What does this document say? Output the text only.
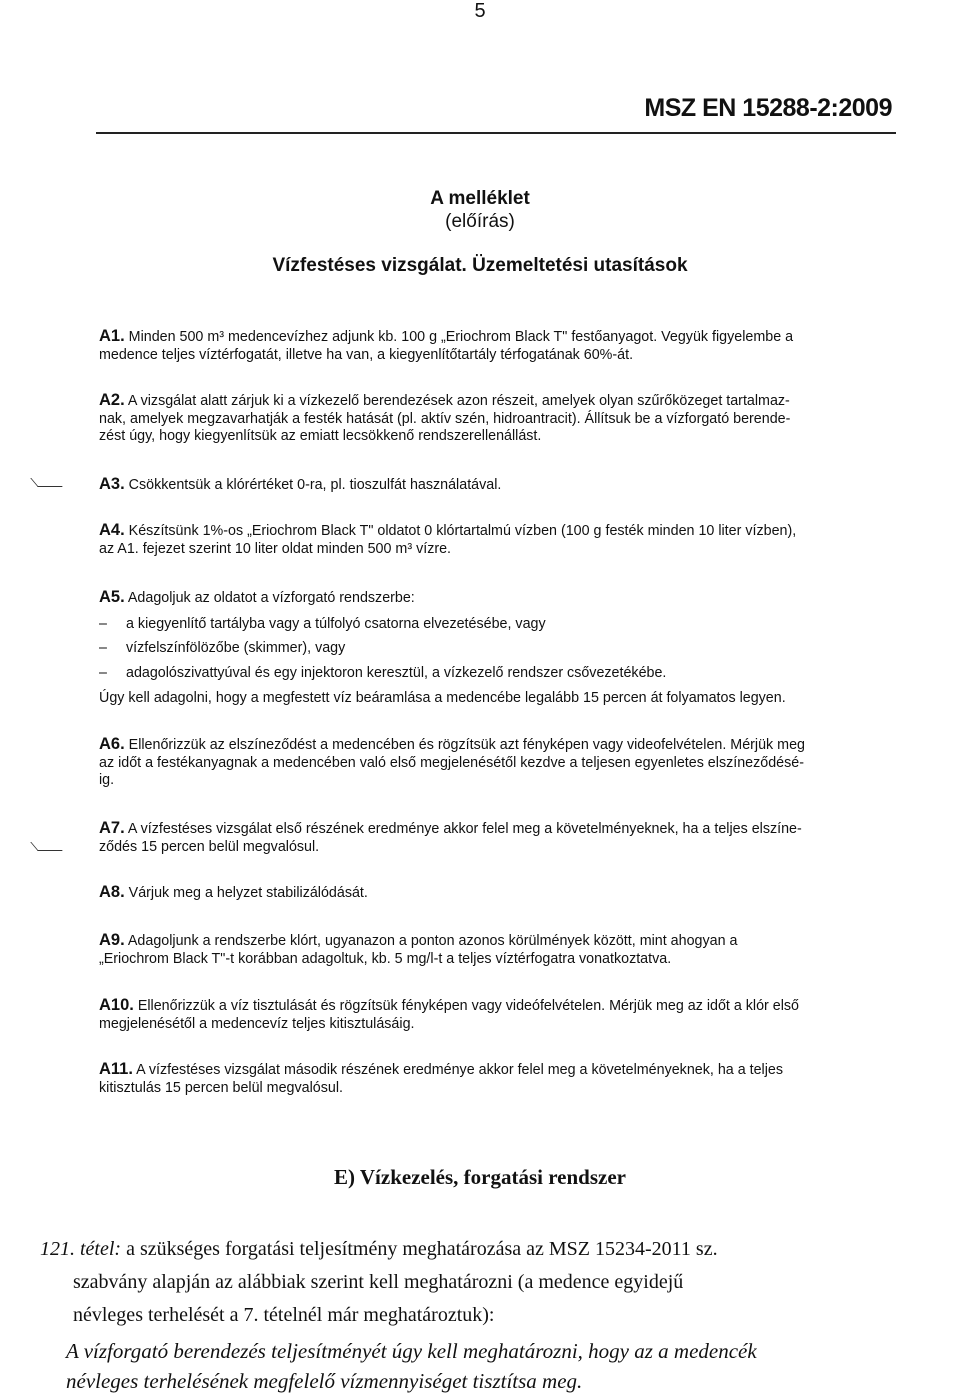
5
MSZ EN 15288-2:2009
A melléklet
(előírás)
Vízfestéses vizsgálat. Üzemeltetési utasítások
A1. Minden 500 m³ medencevízhez adjunk kb. 100 g „Eriochrom Black T" festőanyagot. Vegyük figyelembe a
medence teljes víztérfogatát, illetve ha van, a kiegyenlítőtartály térfogatának 60%-át.
A2. A vizsgálat alatt zárjuk ki a vízkezelő berendezések azon részeit, amelyek olyan szűrőközeget tartalmaz-
nak, amelyek megzavarhatják a festék hatását (pl. aktív szén, hidroantracit). Állítsuk be a vízforgató berende-
zést úgy, hogy kiegyenlítsük az emiatt lecsökkenő rendszerellenállást.
A3. Csökkentsük a klórértéket 0-ra, pl. tioszulfát használatával.
A4. Készítsünk 1%-os „Eriochrom Black T" oldatot 0 klórtartalmú vízben (100 g festék minden 10 liter vízben),
az A1. fejezet szerint 10 liter oldat minden 500 m³ vízre.
A5. Adagoljuk az oldatot a vízforgató rendszerbe:
– a kiegyenlítő tartályba vagy a túlfolyó csatorna elvezetésébe, vagy
– vízfelszínfölözőbe (skimmer), vagy
– adagolószivattyúval és egy injektoron keresztül, a vízkezelő rendszer csővezetékébe.
Úgy kell adagolni, hogy a megfestett víz beáramlása a medencébe legalább 15 percen át folyamatos legyen.
A6. Ellenőrizzük az elszíneződést a medencében és rögzítsük azt fényképen vagy videofelvételen. Mérjük meg
az időt a festékanyagnak a medencében való első megjelenésétől kezdve a teljesen egyenletes elszíneződésé-
ig.
A7. A vízfestéses vizsgálat első részének eredménye akkor felel meg a követelményeknek, ha a teljes elszíne-
ződés 15 percen belül megvalósul.
A8. Várjuk meg a helyzet stabilizálódását.
A9. Adagoljunk a rendszerbe klórt, ugyanazon a ponton azonos körülmények között, mint ahogyan a
„Eriochrom Black T"-t korábban adagoltuk, kb. 5 mg/l-t a teljes víztérfogatra vonatkoztatva.
A10. Ellenőrizzük a víz tisztulását és rögzítsük fényképen vagy videófelvételen. Mérjük meg az időt a klór első
megjelenésétől a medencevíz teljes kitisztulásáig.
A11. A vízfestéses vizsgálat második részének eredménye akkor felel meg a követelményeknek, ha a teljes
kitisztulás 15 percen belül megvalósul.
E) Vízkezelés, forgatási rendszer
121. tétel: a szükséges forgatási teljesítmény meghatározása az MSZ 15234-2011 sz.
szabvány alapján az alábbiak szerint kell meghatározni (a medence egyidejű
névleges terhelését a 7. tételnél már meghatároztuk):
A vízforgató berendezés teljesítményét úgy kell meghatározni, hogy az a medencék
névleges terhelésének megfelelő vízmennyiséget tisztítsa meg.
